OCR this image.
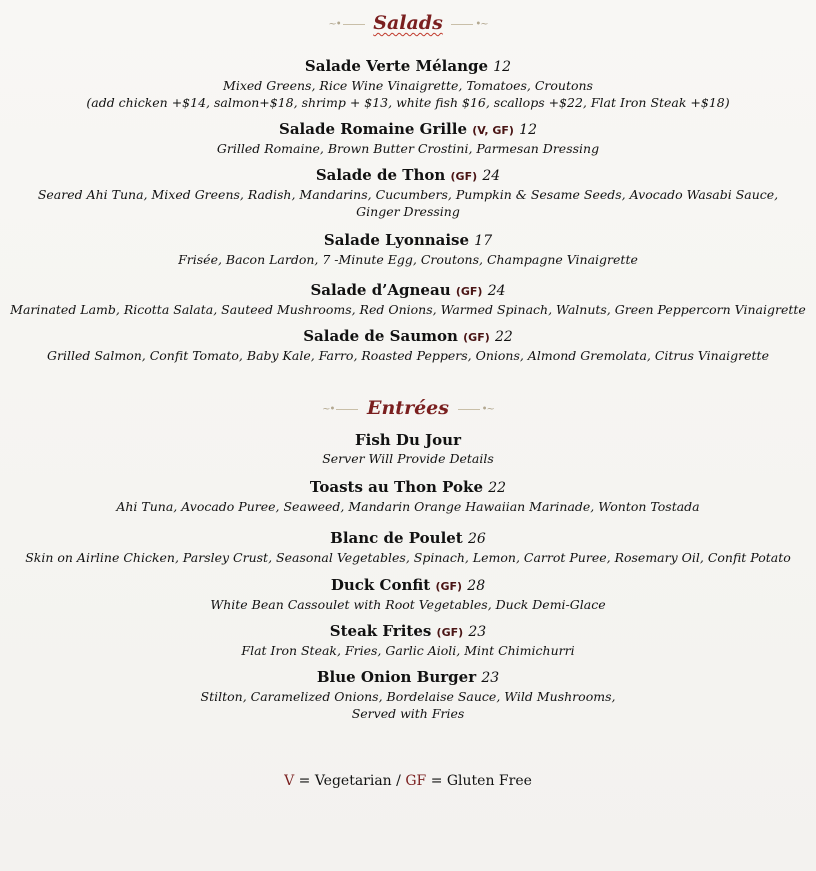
~• Salads	•~
Salade Verte Mélange 12
Mixed Greens, Rice Wine Vinaigrette, Tomatoes, Croutons
(add chicken +$14, salmon+$18, shrimp + $13, white fish $16, scallops +$22, Flat Iron Steak +$18)
Salade Romaine Grille (V, GF) 12
Grilled Romaine, Brown Butter Crostini, Parmesan Dressing
Salade de Thon (GF) 24
Seared Ahi Tuna, Mixed Greens, Radish, Mandarins, Cucumbers, Pumpkin & Sesame Seeds, Avocado Wasabi Sauce, Ginger Dressing
Salade Lyonnaise 17
Frisée, Bacon Lardon, 7 -Minute Egg, Croutons, Champagne Vinaigrette
Salade d’Agneau (GF) 24
Marinated Lamb, Ricotta Salata, Sauteed Mushrooms, Red Onions, Warmed Spinach, Walnuts, Green Peppercorn Vinaigrette
Salade de Saumon (GF) 22
Grilled Salmon, Confit Tomato, Baby Kale, Farro, Roasted Peppers, Onions, Almond Gremolata, Citrus Vinaigrette
~• Entrées	•~
Fish Du Jour
Server Will Provide Details
Toasts au Thon Poke 22
Ahi Tuna, Avocado Puree, Seaweed, Mandarin Orange Hawaiian Marinade, Wonton Tostada
Blanc de Poulet 26
Skin on Airline Chicken, Parsley Crust, Seasonal Vegetables, Spinach, Lemon, Carrot Puree, Rosemary Oil, Confit Potato
Duck Confit (GF) 28
White Bean Cassoulet with Root Vegetables, Duck Demi-Glace
Steak Frites (GF) 23
Flat Iron Steak, Fries, Garlic Aioli, Mint Chimichurri
Blue Onion Burger 23
Stilton, Caramelized Onions, Bordelaise Sauce, Wild Mushrooms,
Served with Fries
V = Vegetarian / GF = Gluten Free
